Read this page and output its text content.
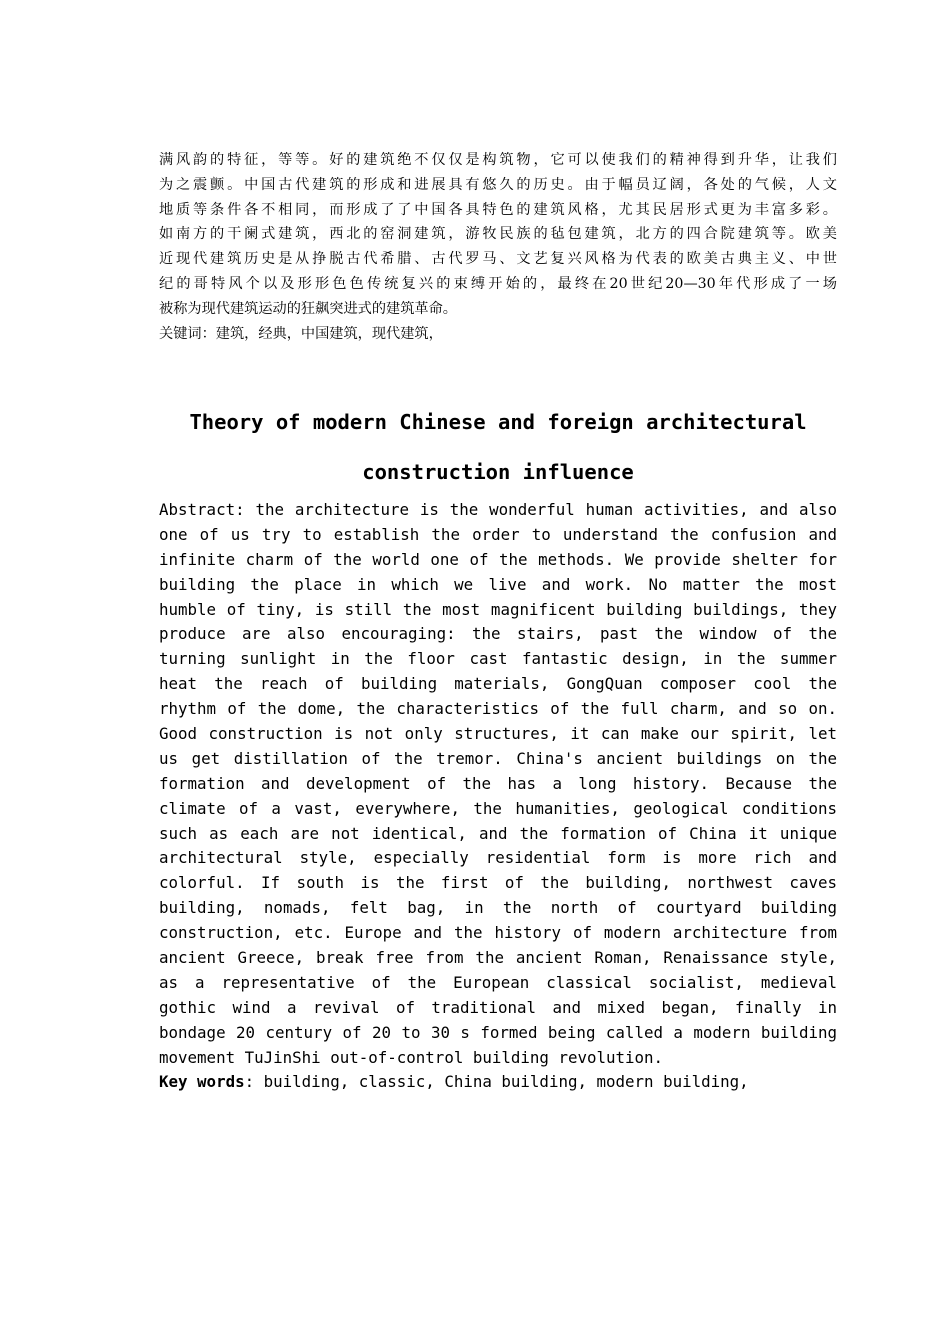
满风韵的特征，等等。好的建筑绝不仅仅是构筑物，它可以使我们的精神得到升华，让我们
为之震颤。中国古代建筑的形成和进展具有悠久的历史。由于幅员辽阔，各处的气候，人文
地质等条件各不相同，而形成了了中国各具特色的建筑风格，尤其民居形式更为丰富多彩。
如南方的干阑式建筑，西北的窑洞建筑，游牧民族的毡包建筑，北方的四合院建筑等。欧美
近现代建筑历史是从挣脱古代希腊、古代罗马、文艺复兴风格为代表的欧美古典主义、中世
纪的哥特风个以及形形色色传统复兴的束缚开始的，最终在20世纪20—30年代形成了一场
被称为现代建筑运动的狂飙突进式的建筑革命。
关键词：建筑，经典，中国建筑，现代建筑，
Theory of modern Chinese and foreign architectural
construction influence
Abstract: the architecture is the wonderful human activities, and also
one of us try to establish the order to understand the confusion and
infinite charm of the world one of the methods. We provide shelter for
building the place in which we live and work. No matter the most
humble of tiny, is still the most magnificent building buildings, they
produce are also encouraging: the stairs, past the window of the
turning sunlight in the floor cast fantastic design, in the summer
heat the reach of building materials, GongQuan composer cool the
rhythm of the dome, the characteristics of the full charm, and so on.
Good construction is not only structures, it can make our spirit, let
us get distillation of the tremor. China's ancient buildings on the
formation and development of the has a long history. Because the
climate of a vast, everywhere, the humanities, geological conditions
such as each are not identical, and the formation of China it unique
architectural style, especially residential form is more rich and
colorful. If south is the first of the building, northwest caves
building, nomads, felt bag, in the north of courtyard building
construction, etc. Europe and the history of modern architecture from
ancient Greece, break free from the ancient Roman, Renaissance style,
as a representative of the European classical socialist, medieval
gothic wind a revival of traditional and mixed began, finally in
bondage 20 century of 20 to 30 s formed being called a modern building
movement TuJinShi out-of-control building revolution.
Key words: building, classic, China building, modern building,
